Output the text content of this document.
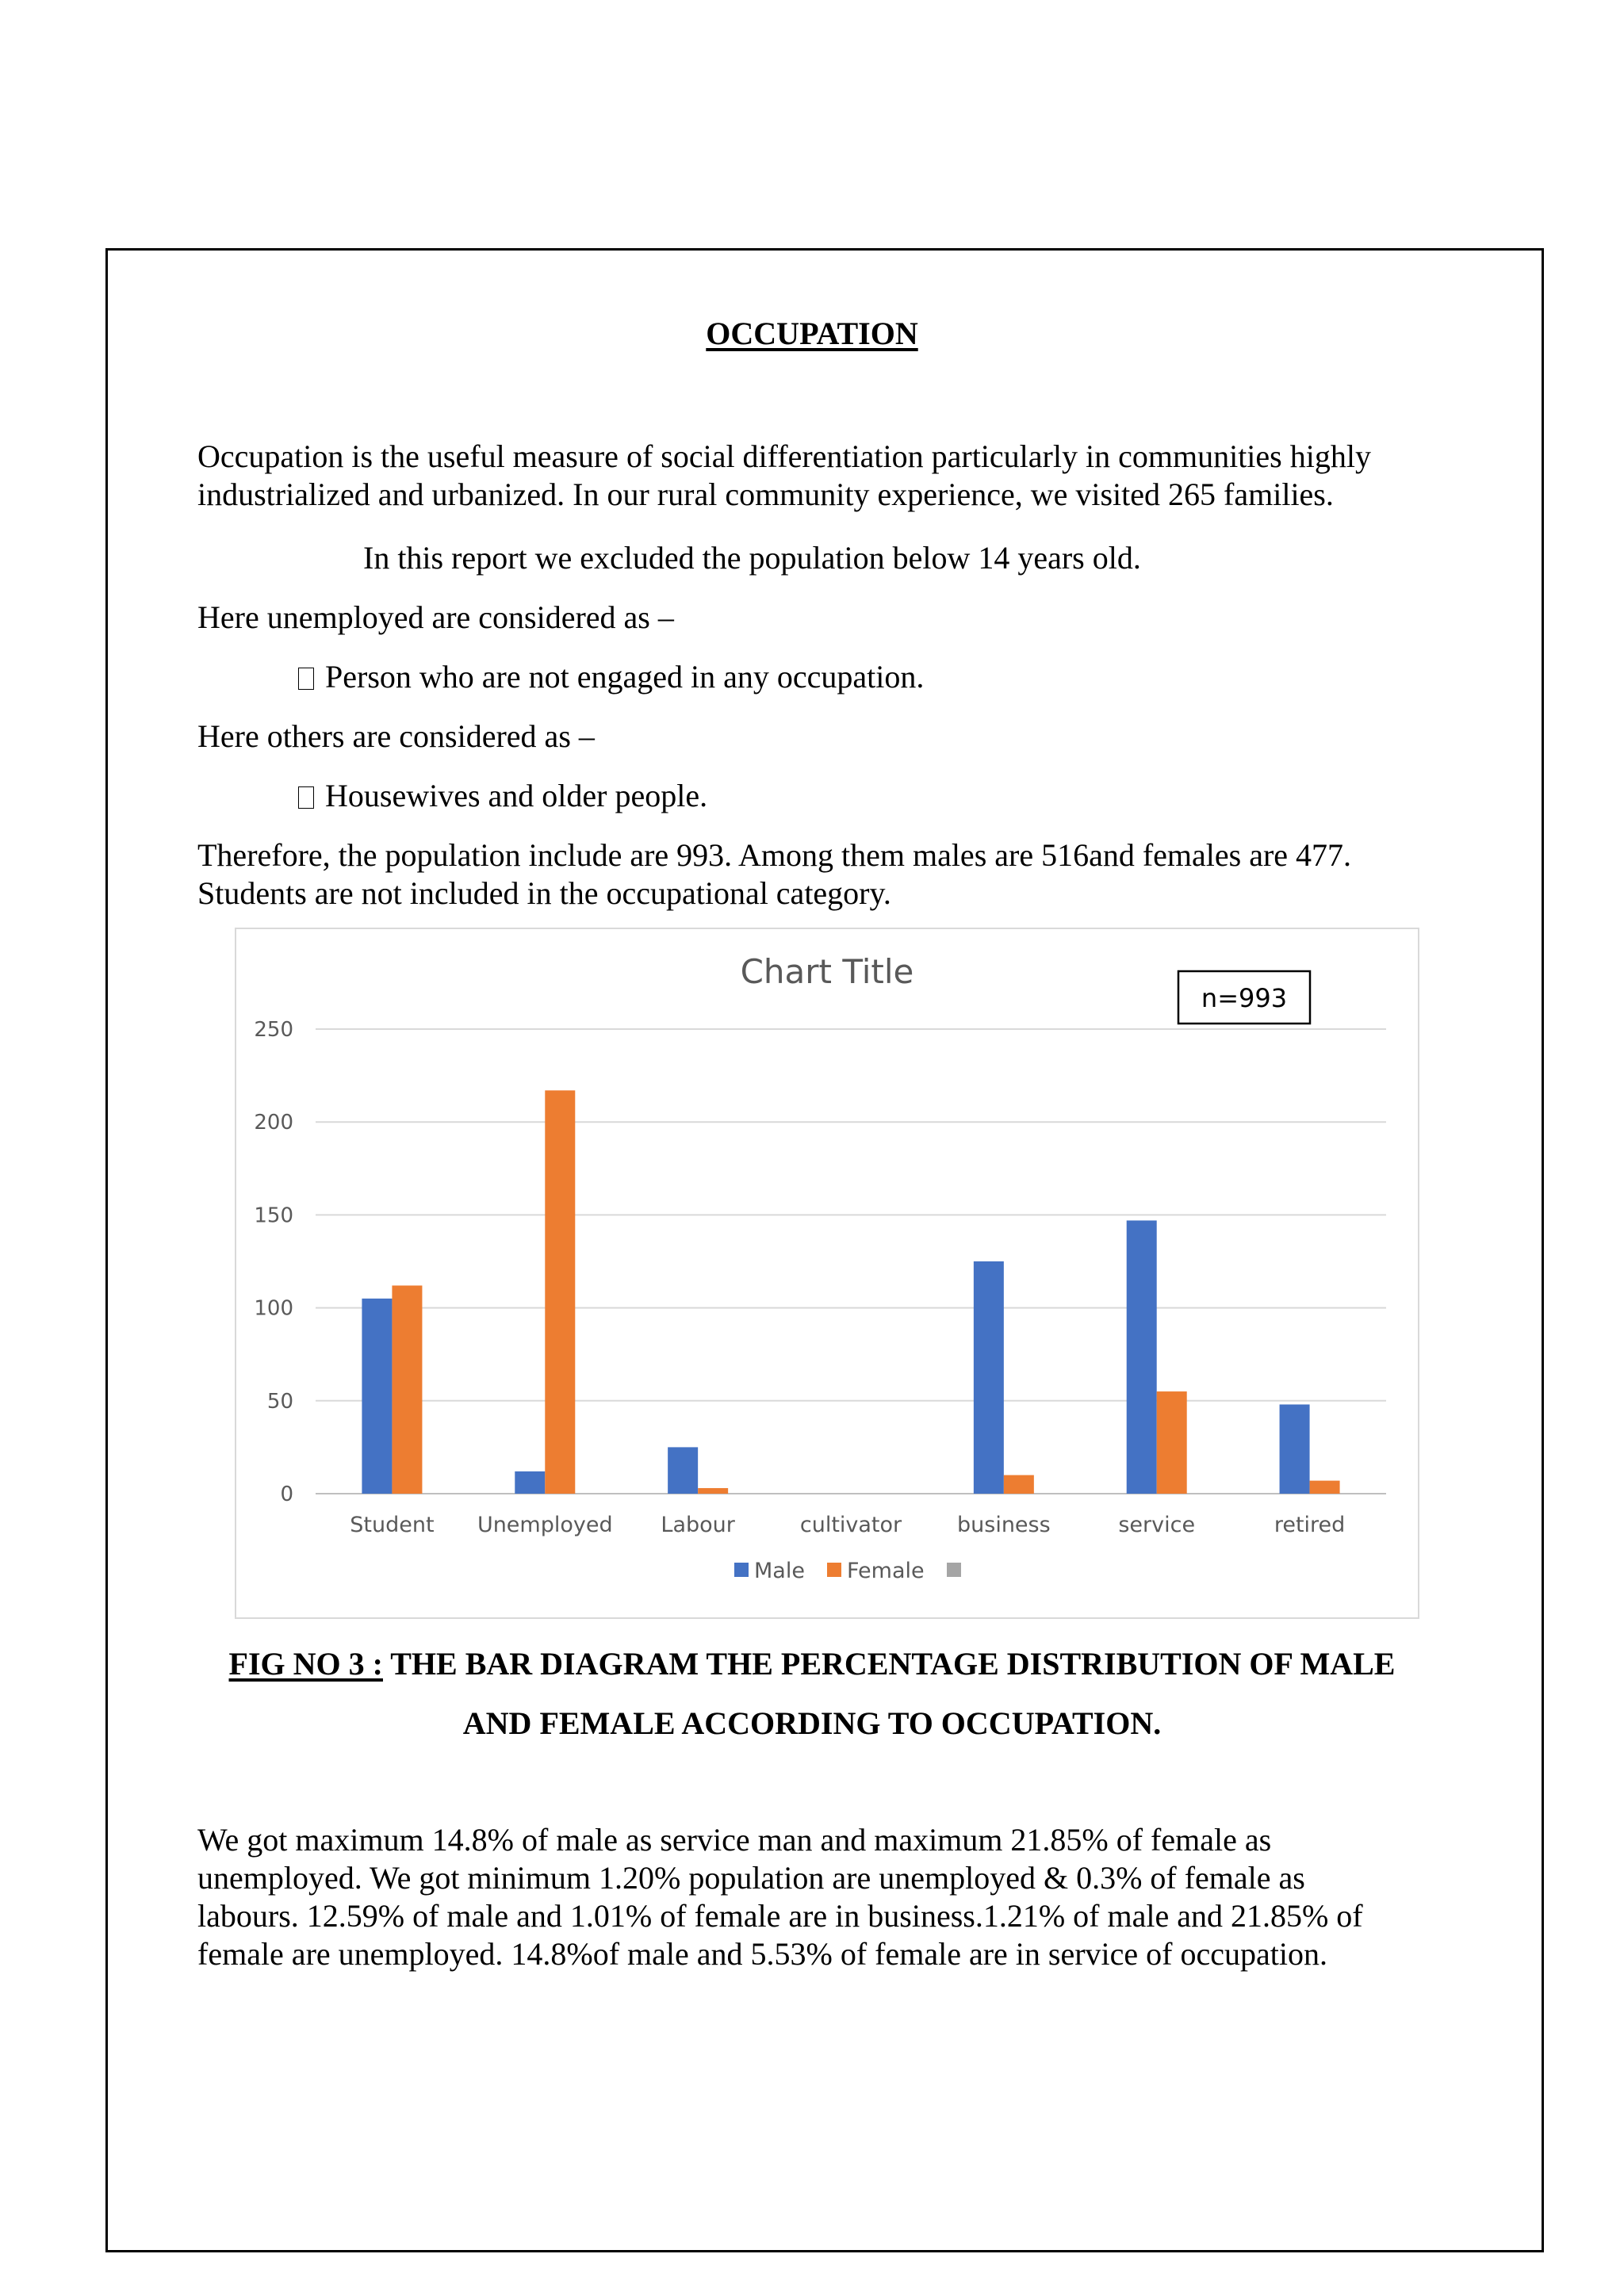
OCCUPATION

Occupation is the useful measure of social differentiation particularly in communities highly industrialized and urbanized. In our rural community experience, we visited 265 families.

In this report we excluded the population below 14 years old.
Here unemployed are considered as –
Person who are not engaged in any occupation.
Here others are considered as –
Housewives and older people.
Therefore, the population include are 993. Among them males are 516and females are 477.
Students are not included in the occupational category.
0
50
100
150
200
250
Student Unemployed Labour	cultivator	business	service	retired
Chart Title
n=993
Male Female
FIG NO 3 : THE BAR DIAGRAM THE PERCENTAGE DISTRIBUTION OF MALE
AND FEMALE ACCORDING TO OCCUPATION.
We got maximum 14.8% of male as service man and maximum 21.85% of female as
unemployed. We got minimum 1.20% population are unemployed & 0.3% of female as
labours. 12.59% of male and 1.01% of female are in business.1.21% of male and 21.85% of
female are unemployed. 14.8%of male and 5.53% of female are in service of occupation.
